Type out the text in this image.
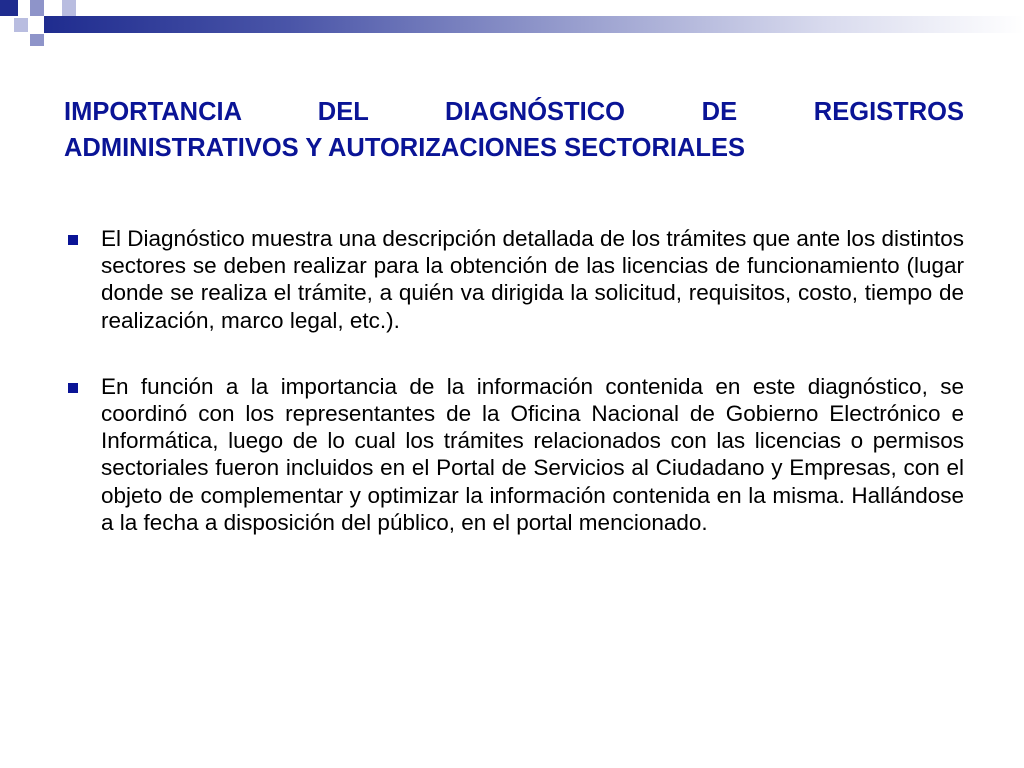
IMPORTANCIA DEL DIAGNÓSTICO DE REGISTROS
ADMINISTRATIVOS Y AUTORIZACIONES SECTORIALES
El Diagnóstico muestra una descripción detallada de los trámites que ante los distintos sectores se deben realizar para la obtención de las licencias de funcionamiento (lugar donde se realiza el trámite, a quién va dirigida la solicitud, requisitos, costo, tiempo de realización, marco legal, etc.).
En función a la importancia de la información contenida en este diagnóstico, se coordinó con los representantes de la Oficina Nacional de Gobierno Electrónico e Informática, luego de lo cual los trámites relacionados con las licencias o permisos sectoriales fueron incluidos en el Portal de Servicios al Ciudadano y Empresas, con el objeto de complementar y optimizar la información contenida en la misma. Hallándose a la fecha a disposición del público, en el portal mencionado.
